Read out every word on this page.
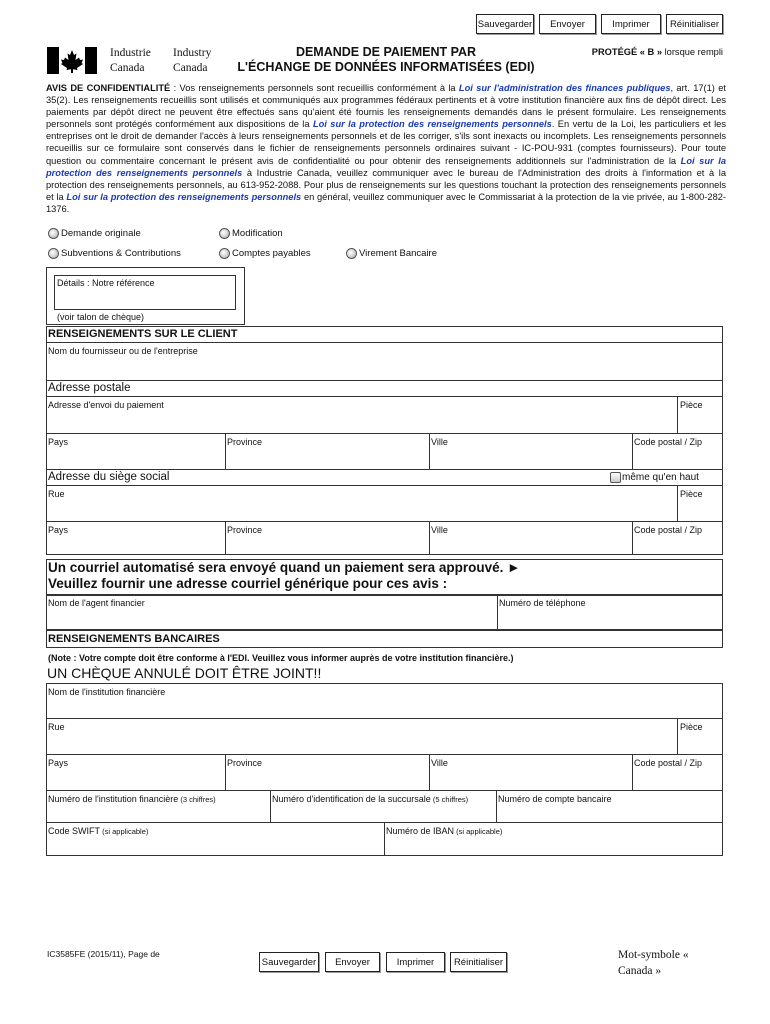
Sauvegarder	Envoyer	Imprimer	Réinitialiser
Industrie
Canada
Industry
Canada
DEMANDE DE PAIEMENT PAR
L'ÉCHANGE DE DONNÉES INFORMATISÉES (EDI)
PROTÉGÉ « B » lorsque rempli
AVIS DE CONFIDENTIALITÉ : Vos renseignements personnels sont recueillis conformément à la Loi sur l'administration des finances publiques, art. 17(1) et 35(2). Les renseignements recueillis sont utilisés et communiqués aux programmes fédéraux pertinents et à votre institution financière aux fins de dépôt direct. Les paiements par dépôt direct ne peuvent être effectués sans qu'aient été fournis les renseignements demandés dans le présent formulaire. Les renseignements personnels sont protégés conformément aux dispositions de la Loi sur la protection des renseignements personnels. En vertu de la Loi, les particuliers et les entreprises ont le droit de demander l'accès à leurs renseignements personnels et de les corriger, s'ils sont inexacts ou incomplets. Les renseignements personnels recueillis sur ce formulaire sont conservés dans le fichier de renseignements personnels ordinaires suivant - IC-POU-931 (comptes fournisseurs). Pour toute question ou commentaire concernant le présent avis de confidentialité ou pour obtenir des renseignements additionnels sur l'administration de la Loi sur la protection des renseignements personnels à Industrie Canada, veuillez communiquer avec le bureau de l'Administration des droits à l'information et à la protection des renseignements personnels, au 613-952-2088. Pour plus de renseignements sur les questions touchant la protection des renseignements personnels et la Loi sur la protection des renseignements personnels en général, veuillez communiquer avec le Commissariat à la protection de la vie privée, au 1-800-282-1376.
Demande originale	Modification
Subventions & Contributions	Comptes payables	Virement Bancaire
Détails : Notre référence
(voir talon de chèque)
RENSEIGNEMENTS SUR LE CLIENT
Nom du fournisseur ou de l'entreprise
Adresse postale
Adresse d'envoi du paiement	Pièce
Pays	Province	Ville	Code postal / Zip
Adresse du siège social	même qu'en haut
Rue	Pièce
Pays	Province	Ville	Code postal / Zip
Un courriel automatisé sera envoyé quand un paiement sera approuvé. ►
Veuillez fournir une adresse courriel générique pour ces avis :
Nom de l'agent financier	Numéro de téléphone
RENSEIGNEMENTS BANCAIRES
(Note : Votre compte doit être conforme à l'EDI. Veuillez vous informer auprès de votre institution financière.)
UN CHÈQUE ANNULÉ DOIT ÊTRE JOINT!!
Nom de l'institution financière
Rue	Pièce
Pays	Province	Ville	Code postal / Zip
Numéro de l'institution financière (3 chiffres)	Numéro d'identification de la succursale (5 chiffres)	Numéro de compte bancaire
Code SWIFT (si applicable)	Numéro de IBAN (si applicable)
IC3585FE (2015/11), Page de
Sauvegarder	Envoyer	Imprimer	Réinitialiser
Mot-symbole «
Canada »
